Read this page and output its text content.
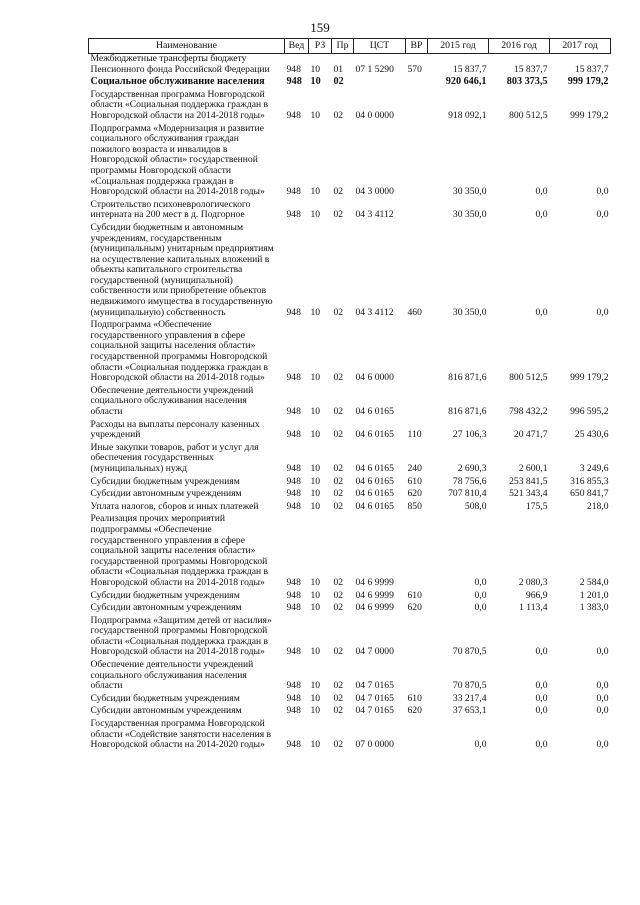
159
Наименование	Вед	РЗ	Пр	ЦСТ	ВР	2015 год	2016 год	2017 год
Межбюджетные трансферты бюджету Пенсионного фонда Российской Федерации	948	10	01	07 1 5290	570	15 837,7	15 837,7	15 837,7
Социальное обслуживание населения	948	10	02			920 646,1	803 373,5	999 179,2
Государственная программа Новгородской области «Социальная поддержка граждан в Новгородской области на 2014-2018 годы»	948	10	02	04 0 0000		918 092,1	800 512,5	999 179,2
Подпрограмма «Модернизация и развитие социального обслуживания граждан пожилого возраста и инвалидов в Новгородской области» государственной программы Новгородской области «Социальная поддержка граждан в Новгородской области на 2014-2018 годы»	948	10	02	04 3 0000		30 350,0	0,0	0,0
Строительство психоневрологического интерната на 200 мест в д. Подгорное	948	10	02	04 3 4112		30 350,0	0,0	0,0
Субсидии бюджетным и автономным учреждениям, государственным (муниципальным) унитарным предприятиям на осуществление капитальных вложений в объекты капитального строительства государственной (муниципальной) собственности или приобретение объектов недвижимого имущества в государственную (муниципальную) собственность	948	10	02	04 3 4112	460	30 350,0	0,0	0,0
Подпрограмма «Обеспечение государственного управления в сфере социальной защиты населения области» государственной программы Новгородской области «Социальная поддержка граждан в Новгородской области на 2014-2018 годы»	948	10	02	04 6 0000		816 871,6	800 512,5	999 179,2
Обеспечение деятельности учреждений социального обслуживания населения области	948	10	02	04 6 0165		816 871,6	798 432,2	996 595,2
Расходы на выплаты персоналу казенных учреждений	948	10	02	04 6 0165	110	27 106,3	20 471,7	25 430,6
Иные закупки товаров, работ и услуг для обеспечения государственных (муниципальных) нужд	948	10	02	04 6 0165	240	2 690,3	2 600,1	3 249,6
Субсидии бюджетным учреждениям	948	10	02	04 6 0165	610	78 756,6	253 841,5	316 855,3
Субсидии автономным учреждениям	948	10	02	04 6 0165	620	707 810,4	521 343,4	650 841,7
Уплата налогов, сборов и иных платежей	948	10	02	04 6 0165	850	508,0	175,5	218,0
Реализация прочих мероприятий подпрограммы «Обеспечение государственного управления в сфере социальной защиты населения области» государственной программы Новгородской области «Социальная поддержка граждан в Новгородской области на 2014-2018 годы»	948	10	02	04 6 9999		0,0	2 080,3	2 584,0
Субсидии бюджетным учреждениям	948	10	02	04 6 9999	610	0,0	966,9	1 201,0
Субсидии автономным учреждениям	948	10	02	04 6 9999	620	0,0	1 113,4	1 383,0
Подпрограмма «Защитим детей от насилия» государственной программы Новгородской области «Социальная поддержка граждан в Новгородской области на 2014-2018 годы»	948	10	02	04 7 0000		70 870,5	0,0	0,0
Обеспечение деятельности учреждений социального обслуживания населения области	948	10	02	04 7 0165		70 870,5	0,0	0,0
Субсидии бюджетным учреждениям	948	10	02	04 7 0165	610	33 217,4	0,0	0,0
Субсидии автономным учреждениям	948	10	02	04 7 0165	620	37 653,1	0,0	0,0
Государственная программа Новгородской области «Содействие занятости населения в Новгородской области на 2014-2020 годы»	948	10	02	07 0 0000		0,0	0,0	0,0
